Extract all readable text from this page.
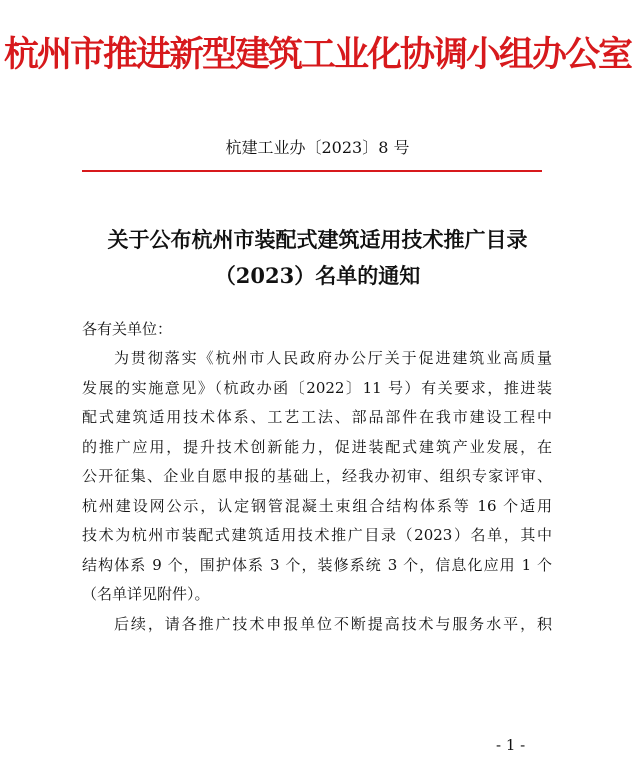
杭州市推进新型建筑工业化协调小组办公室
杭建工业办〔2023〕8 号
关于公布杭州市装配式建筑适用技术推广目录
（2023）名单的通知
各有关单位：
为贯彻落实《杭州市人民政府办公厅关于促进建筑业高质量
发展的实施意见》（杭政办函〔2022〕11 号）有关要求，推进装
配式建筑适用技术体系、工艺工法、部品部件在我市建设工程中
的推广应用，提升技术创新能力，促进装配式建筑产业发展，在
公开征集、企业自愿申报的基础上，经我办初审、组织专家评审、
杭州建设网公示，认定钢管混凝土束组合结构体系等 16 个适用
技术为杭州市装配式建筑适用技术推广目录（2023）名单，其中
结构体系 9 个，围护体系 3 个，装修系统 3 个，信息化应用 1 个
（名单详见附件）。
后续，请各推广技术申报单位不断提高技术与服务水平，积
- 1 -
